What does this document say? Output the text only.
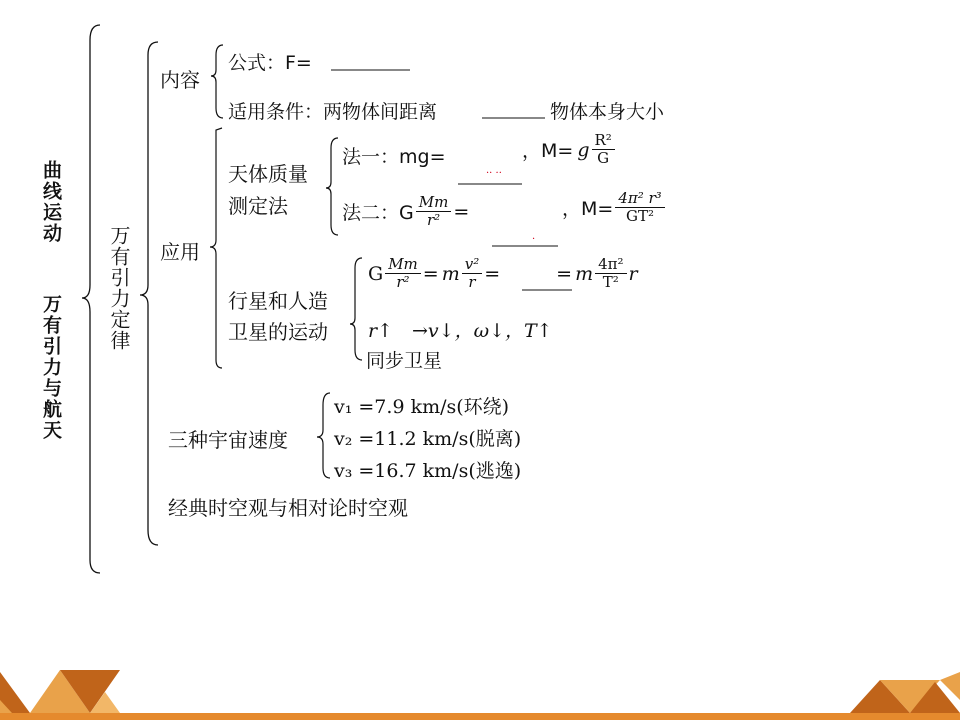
曲线运动 万有引力与航天
万有引力定律
内容
公式：F=
适用条件：两物体间距离	物体本身大小
应用
天体质量
测定法
法一：mg=
·· ··
，M= g $\frac{\text{R²}}{G}$
法二：G $\frac{Mm}{\text{r²}}$ =
·
，$M= \frac{\text{4π² r³}}{\text{GT²}}$
行星和人造
卫星的运动
G $\frac{Mm}{\text{r²}} = m \frac{\text{v²}}{r}$ =	= m $\frac{\text{4π²}}{\text{T²}}$ r
r↑　→v↓，ω↓，T↑
同步卫星
三种宇宙速度
v₁ =7.9 km/s(环绕)
v₂ =11.2 km/s(脱离)
v₃ =16.7 km/s(逃逸)
经典时空观与相对论时空观
